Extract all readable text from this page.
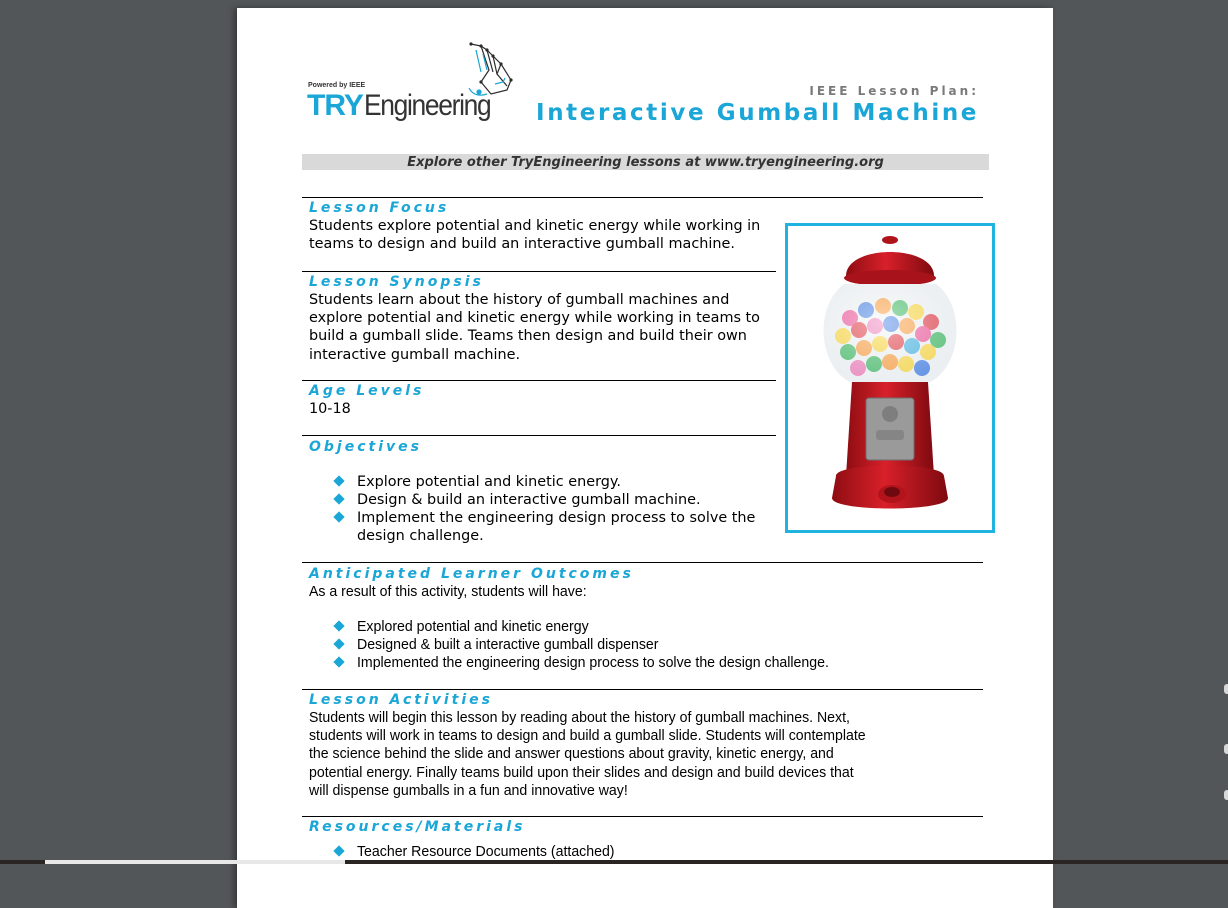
Powered by IEEE
TRY Engineering	IEEE Lesson Plan:
Interactive Gumball Machine
Explore other TryEngineering lessons at www.tryengineering.org
Lesson Focus

Students explore potential and kinetic energy while working in

teams to design and build an interactive gumball machine.

Lesson Synopsis

Students learn about the history of gumball machines and

explore potential and kinetic energy while working in teams to

build a gumball slide. Teams then design and build their own

interactive gumball machine.

Age Levels

10-18

Objectives
Explore potential and kinetic energy.
Design & build an interactive gumball machine.
Implement the engineering design process to solve the
design challenge.
Anticipated Learner Outcomes

As a result of this activity, students will have:

Explored potential and kinetic energy
Designed & built a interactive gumball dispenser
Implemented the engineering design process to solve the design challenge.
Lesson Activities

Students will begin this lesson by reading about the history of gumball machines. Next,

students will work in teams to design and build a gumball slide. Students will contemplate

the science behind the slide and answer questions about gravity, kinetic energy, and

potential energy. Finally teams build upon their slides and design and build devices that

will dispense gumballs in a fun and innovative way!

Resources/Materials
Teacher Resource Documents (attached)
